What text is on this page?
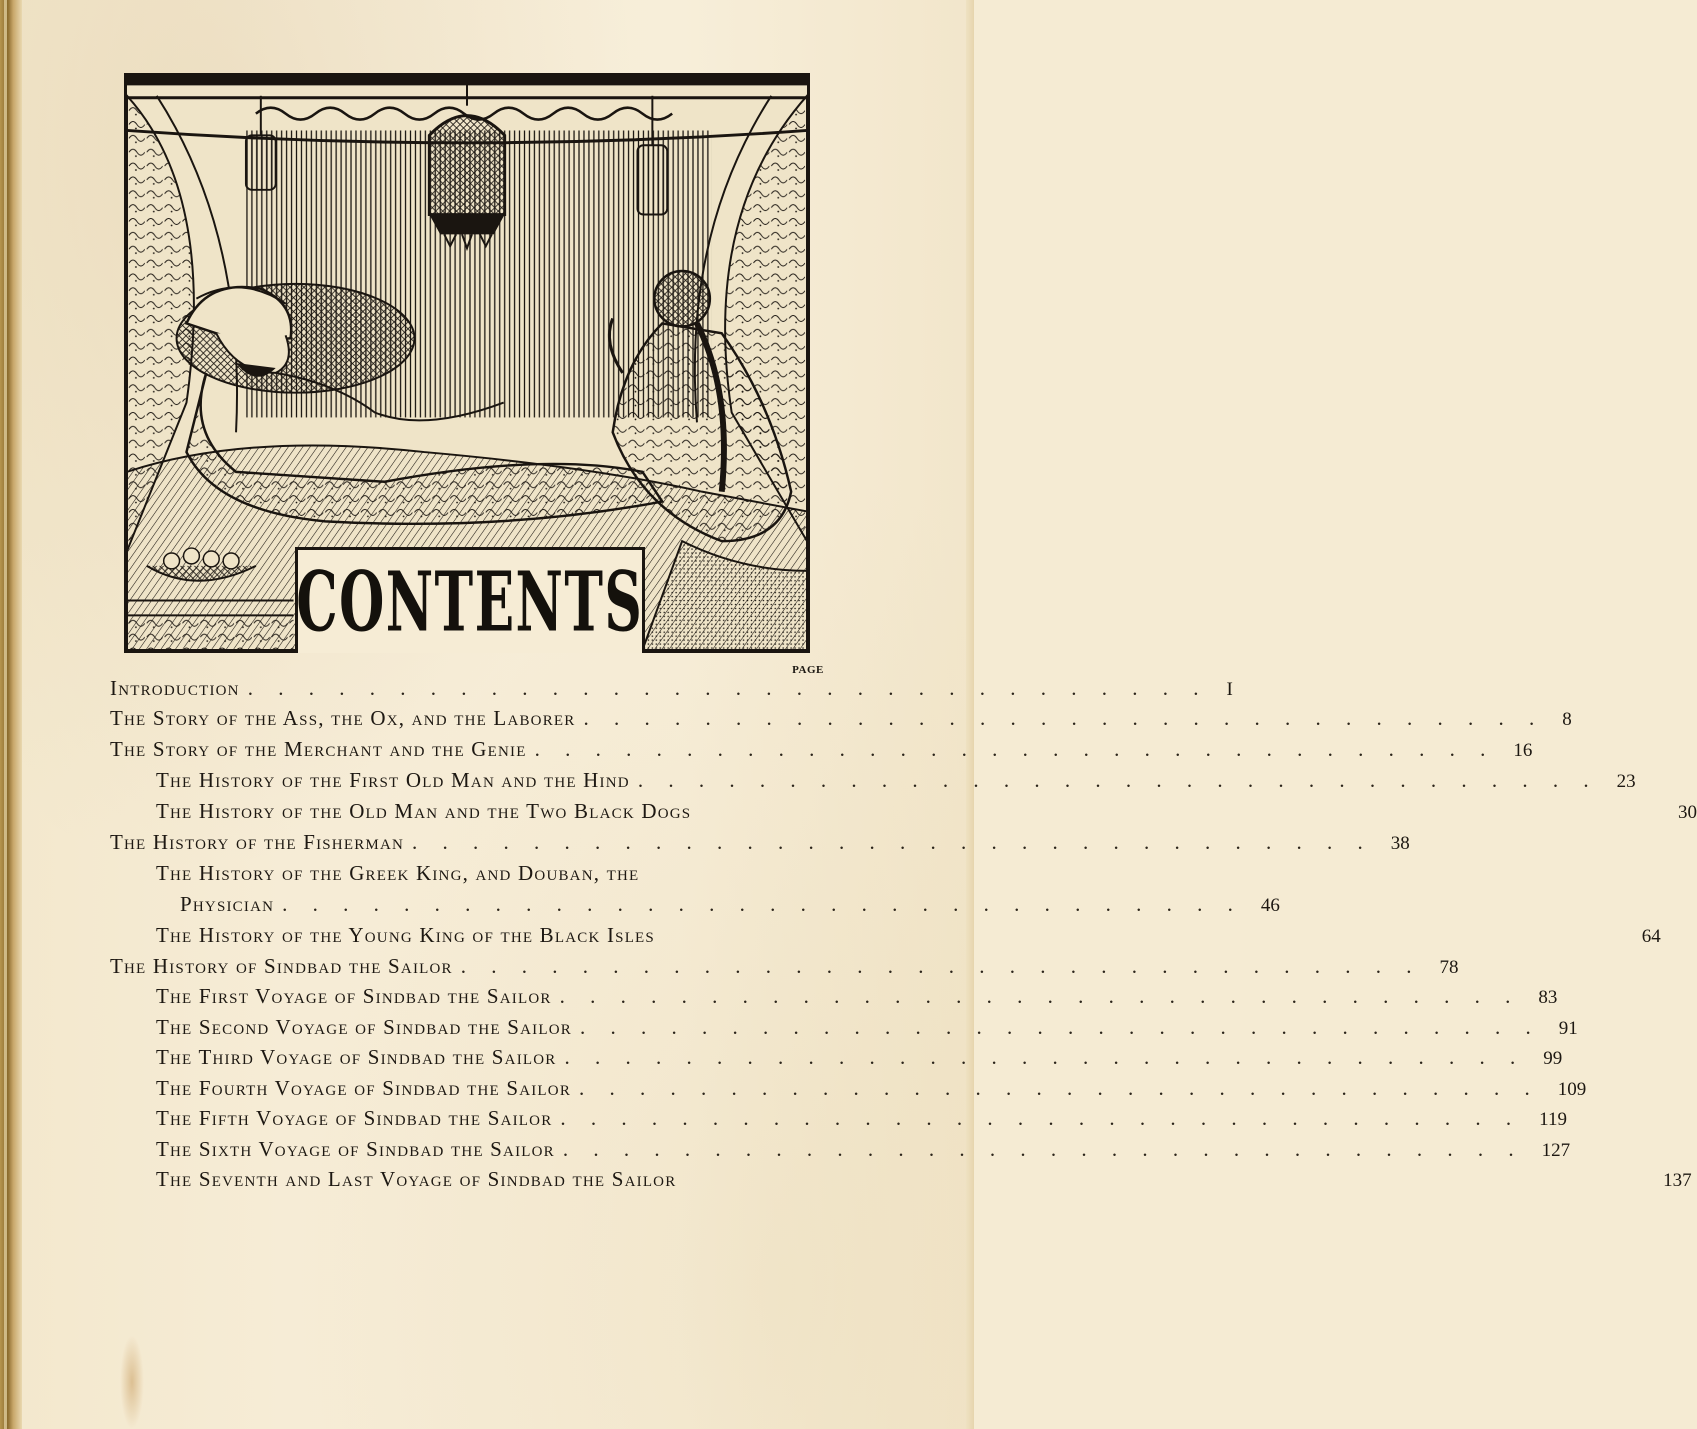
CONTENTS
PAGE
Introduction . . . . . . . . . . . . . . . . . . . . . . . . . . . . . . . . I
The Story of the Ass, the Ox, and the Laborer . . . . . . . . . . . . . . . . . . . . . . . . . . . . . . . . 8
The Story of the Merchant and the Genie . . . . . . . . . . . . . . . . . . . . . . . . . . . . . . . . 16
The History of the First Old Man and the Hind . . . . . . . . . . . . . . . . . . . . . . . . . . . . . . . . 23
The History of the Old Man and the Two Black Dogs	30
The History of the Fisherman . . . . . . . . . . . . . . . . . . . . . . . . . . . . . . . . 38
The History of the Greek King, and Douban, the
Physician . . . . . . . . . . . . . . . . . . . . . . . . . . . . . . . . 46
The History of the Young King of the Black Isles	64
The History of Sindbad the Sailor . . . . . . . . . . . . . . . . . . . . . . . . . . . . . . . . 78
The First Voyage of Sindbad the Sailor . . . . . . . . . . . . . . . . . . . . . . . . . . . . . . . . 83
The Second Voyage of Sindbad the Sailor . . . . . . . . . . . . . . . . . . . . . . . . . . . . . . . . 91
The Third Voyage of Sindbad the Sailor . . . . . . . . . . . . . . . . . . . . . . . . . . . . . . . . 99
The Fourth Voyage of Sindbad the Sailor . . . . . . . . . . . . . . . . . . . . . . . . . . . . . . . . 109
The Fifth Voyage of Sindbad the Sailor . . . . . . . . . . . . . . . . . . . . . . . . . . . . . . . . 119
The Sixth Voyage of Sindbad the Sailor . . . . . . . . . . . . . . . . . . . . . . . . . . . . . . . . 127
The Seventh and Last Voyage of Sindbad the Sailor	137
